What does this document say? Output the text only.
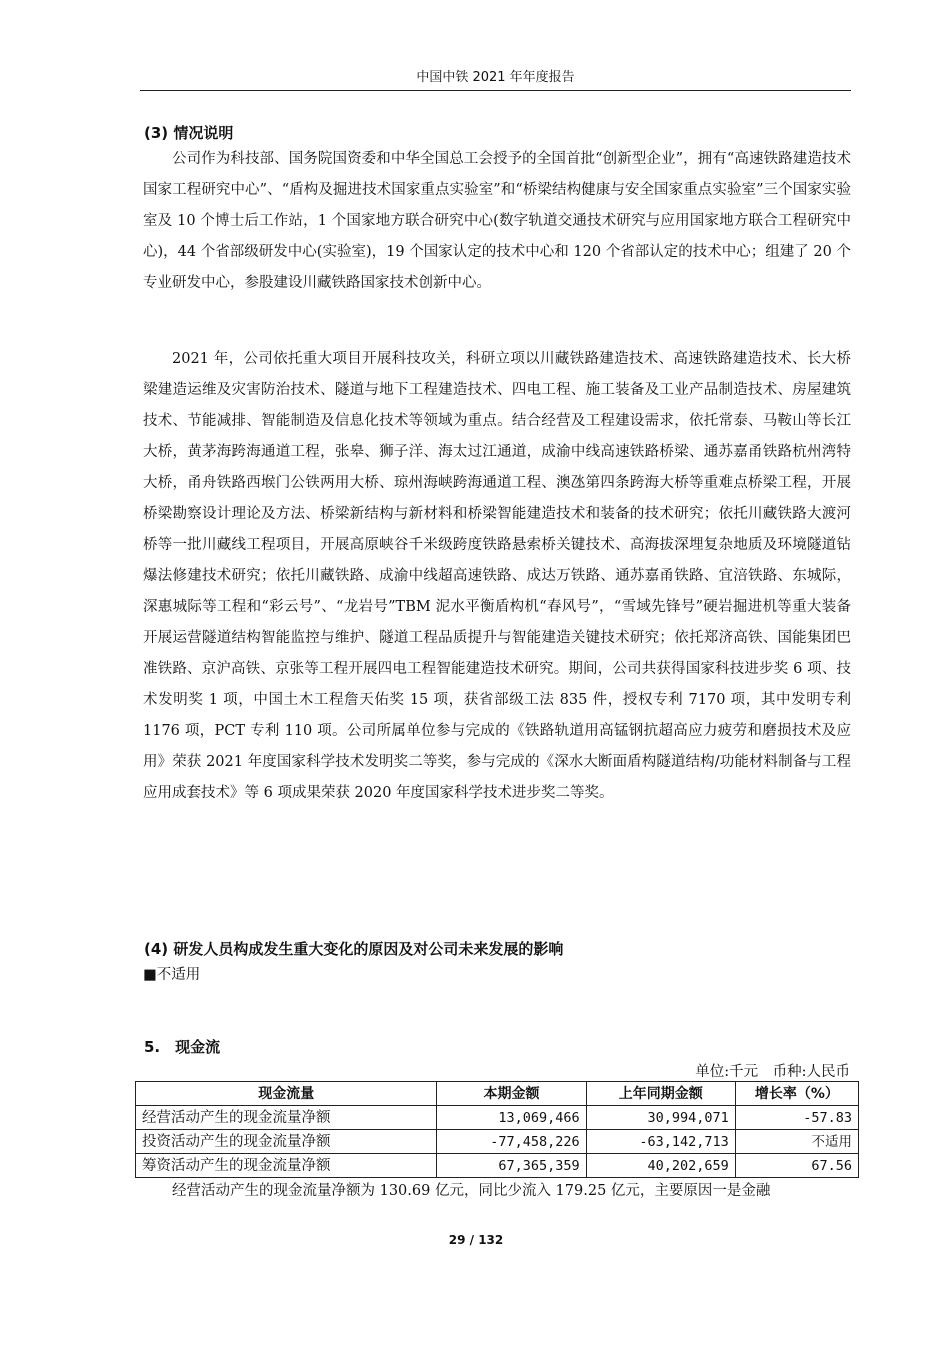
中国中铁 2021 年年度报告
(3) 情况说明

公司作为科技部、国务院国资委和中华全国总工会授予的全国首批“创新型企业”，拥有“高速铁路建造技术国家工程研究中心”、“盾构及掘进技术国家重点实验室”和“桥梁结构健康与安全国家重点实验室”三个国家实验室及 10 个博士后工作站，1 个国家地方联合研究中心(数字轨道交通技术研究与应用国家地方联合工程研究中心)，44 个省部级研发中心(实验室)，19 个国家认定的技术中心和 120 个省部认定的技术中心；组建了 20 个专业研发中心，参股建设川藏铁路国家技术创新中心。

2021 年，公司依托重大项目开展科技攻关，科研立项以川藏铁路建造技术、高速铁路建造技术、长大桥梁建造运维及灾害防治技术、隧道与地下工程建造技术、四电工程、施工装备及工业产品制造技术、房屋建筑技术、节能减排、智能制造及信息化技术等领域为重点。结合经营及工程建设需求，依托常泰、马鞍山等长江大桥，黄茅海跨海通道工程，张皋、狮子洋、海太过江通道，成渝中线高速铁路桥梁、通苏嘉甬铁路杭州湾特大桥，甬舟铁路西堠门公铁两用大桥、琼州海峡跨海通道工程、澳氹第四条跨海大桥等重难点桥梁工程，开展桥梁勘察设计理论及方法、桥梁新结构与新材料和桥梁智能建造技术和装备的技术研究；依托川藏铁路大渡河桥等一批川藏线工程项目，开展高原峡谷千米级跨度铁路悬索桥关键技术、高海拔深埋复杂地质及环境隧道钻爆法修建技术研究；依托川藏铁路、成渝中线超高速铁路、成达万铁路、通苏嘉甬铁路、宜涪铁路、东城际，深惠城际等工程和“彩云号”、“龙岩号”TBM 泥水平衡盾构机“春风号”，“雪域先锋号”硬岩掘进机等重大装备开展运营隧道结构智能监控与维护、隧道工程品质提升与智能建造关键技术研究；依托郑济高铁、国能集团巴准铁路、京沪高铁、京张等工程开展四电工程智能建造技术研究。期间，公司共获得国家科技进步奖 6 项、技术发明奖 1 项，中国土木工程詹天佑奖 15 项，获省部级工法 835 件，授权专利 7170 项，其中发明专利 1176 项，PCT 专利 110 项。公司所属单位参与完成的《铁路轨道用高锰钢抗超高应力疲劳和磨损技术及应用》荣获 2021 年度国家科学技术发明奖二等奖，参与完成的《深水大断面盾构隧道结构/功能材料制备与工程应用成套技术》等 6 项成果荣获 2020 年度国家科学技术进步奖二等奖。

(4) 研发人员构成发生重大变化的原因及对公司未来发展的影响
■不适用
5.　现金流
单位:千元　币种:人民币
现金流量	本期金额	上年同期金额	增长率（%）
经营活动产生的现金流量净额	13,069,466	30,994,071	-57.83
投资活动产生的现金流量净额	-77,458,226	-63,142,713	不适用
筹资活动产生的现金流量净额	67,365,359	40,202,659	67.56

经营活动产生的现金流量净额为 130.69 亿元，同比少流入 179.25 亿元，主要原因一是金融

29 / 132
